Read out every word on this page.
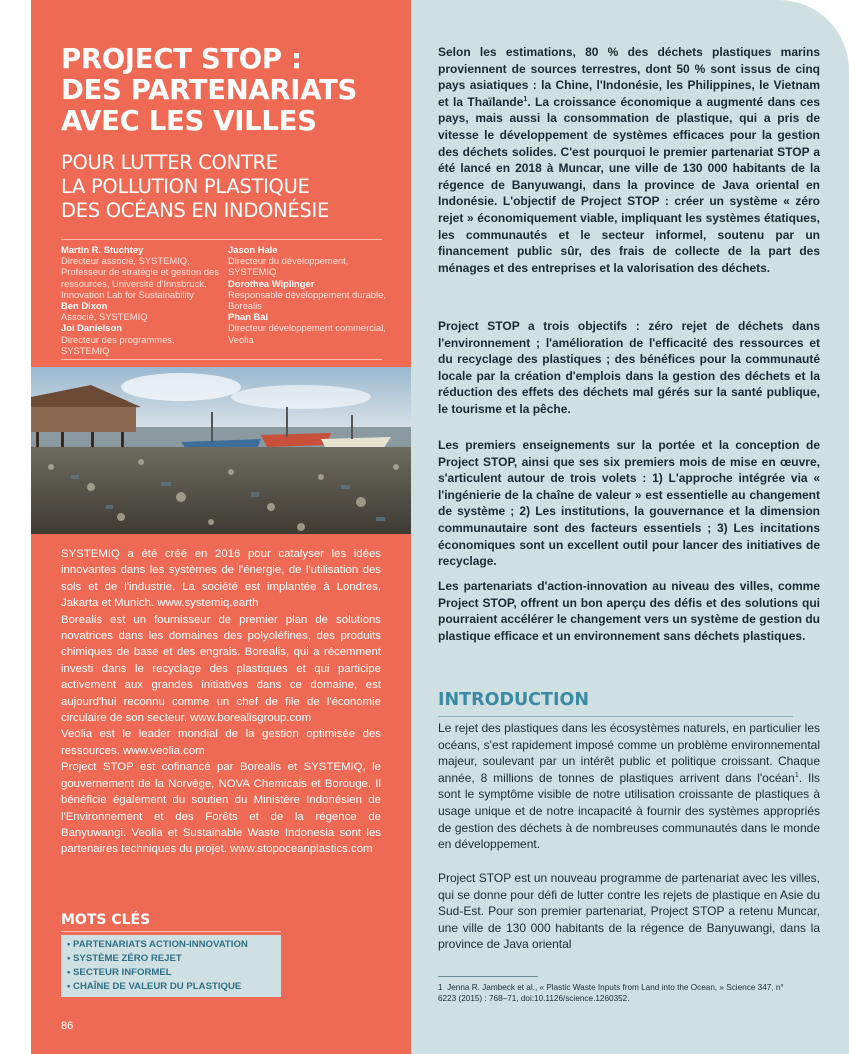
PROJECT STOP :
DES PARTENARIATS
AVEC LES VILLES
POUR LUTTER CONTRE
LA POLLUTION PLASTIQUE
DES OCÉANS EN INDONÉSIE
Martin R. Stuchtey
Directeur associé, SYSTEMIQ, Professeur de stratégie et gestion des ressources, Université d'Innsbruck, Innovation Lab for Sustainability
Ben Dixon
Associé, SYSTEMIQ
Joi Danielson
Directeur des programmes, SYSTEMIQ
Jason Hale
Directeur du développement, SYSTEMIQ
Dorothea Wiplinger
Responsable développement durable, Borealis
Phan Bai
Directeur développement commercial, Veolia

SYSTEMIQ a été créé en 2016 pour catalyser les idées innovantes dans les systèmes de l'énergie, de l'utilisation des sols et de l'industrie. La société est implantée à Londres, Jakarta et Munich. www.systemiq.earth

Borealis est un fournisseur de premier plan de solutions novatrices dans les domaines des polyoléfines, des produits chimiques de base et des engrais. Borealis, qui a récemment investi dans le recyclage des plastiques et qui participe activement aux grandes initiatives dans ce domaine, est aujourd'hui reconnu comme un chef de file de l'économie circulaire de son secteur. www.borealisgroup.com

Veolia est le leader mondial de la gestion optimisée des ressources. www.veolia.com

Project STOP est cofinancé par Borealis et SYSTEMIQ, le gouvernement de la Norvège, NOVA Chemicals et Borouge. Il bénéficie également du soutien du Ministère Indonésien de l'Environnement et des Forêts et de la régence de Banyuwangi. Veolia et Sustainable Waste Indonesia sont les partenaires techniques du projet. www.stopoceanplastics.com

MOTS CLÉS
• PARTENARIATS ACTION-INNOVATION
• SYSTÈME ZÉRO REJET
• SECTEUR INFORMEL
• CHAÎNE DE VALEUR DU PLASTIQUE
86
Selon les estimations, 80 % des déchets plastiques marins proviennent de sources terrestres, dont 50 % sont issus de cinq pays asiatiques : la Chine, l'Indonésie, les Philippines, le Vietnam et la Thaïlande$^1$. La croissance économique a augmenté dans ces pays, mais aussi la consommation de plastique, qui a pris de vitesse le développement de systèmes efficaces pour la gestion des déchets solides. C'est pourquoi le premier partenariat STOP a été lancé en 2018 à Muncar, une ville de 130 000 habitants de la régence de Banyuwangi, dans la province de Java oriental en Indonésie. L'objectif de Project STOP : créer un système « zéro rejet » économiquement viable, impliquant les systèmes étatiques, les communautés et le secteur informel, soutenu par un financement public sûr, des frais de collecte de la part des ménages et des entreprises et la valorisation des déchets.
Project STOP a trois objectifs : zéro rejet de déchets dans l'environnement ; l'amélioration de l'efficacité des ressources et du recyclage des plastiques ; des bénéfices pour la communauté locale par la création d'emplois dans la gestion des déchets et la réduction des effets des déchets mal gérés sur la santé publique, le tourisme et la pêche.
Les premiers enseignements sur la portée et la conception de Project STOP, ainsi que ses six premiers mois de mise en œuvre, s'articulent autour de trois volets : 1) L'approche intégrée via « l'ingénierie de la chaîne de valeur » est essentielle au changement de système ; 2) Les institutions, la gouvernance et la dimension communautaire sont des facteurs essentiels ; 3) Les incitations économiques sont un excellent outil pour lancer des initiatives de recyclage.
Les partenariats d'action-innovation au niveau des villes, comme Project STOP, offrent un bon aperçu des défis et des solutions qui pourraient accélérer le changement vers un système de gestion du plastique efficace et un environnement sans déchets plastiques.
INTRODUCTION
Le rejet des plastiques dans les écosystèmes naturels, en particulier les océans, s'est rapidement imposé comme un problème environnemental majeur, soulevant par un intérêt public et politique croissant. Chaque année, 8 millions de tonnes de plastiques arrivent dans l'océan$^1$. Ils sont le symptôme visible de notre utilisation croissante de plastiques à usage unique et de notre incapacité à fournir des systèmes appropriés de gestion des déchets à de nombreuses communautés dans le monde en développement.
Project STOP est un nouveau programme de partenariat avec les villes, qui se donne pour défi de lutter contre les rejets de plastique en Asie du Sud-Est. Pour son premier partenariat, Project STOP a retenu Muncar, une ville de 130 000 habitants de la régence de Banyuwangi, dans la province de Java oriental
1 Jenna R. Jambeck et al., « Plastic Waste Inputs from Land into the Ocean, » Science 347, n° 6223 (2015) : 768–71, doi:10.1126/science.1260352.
